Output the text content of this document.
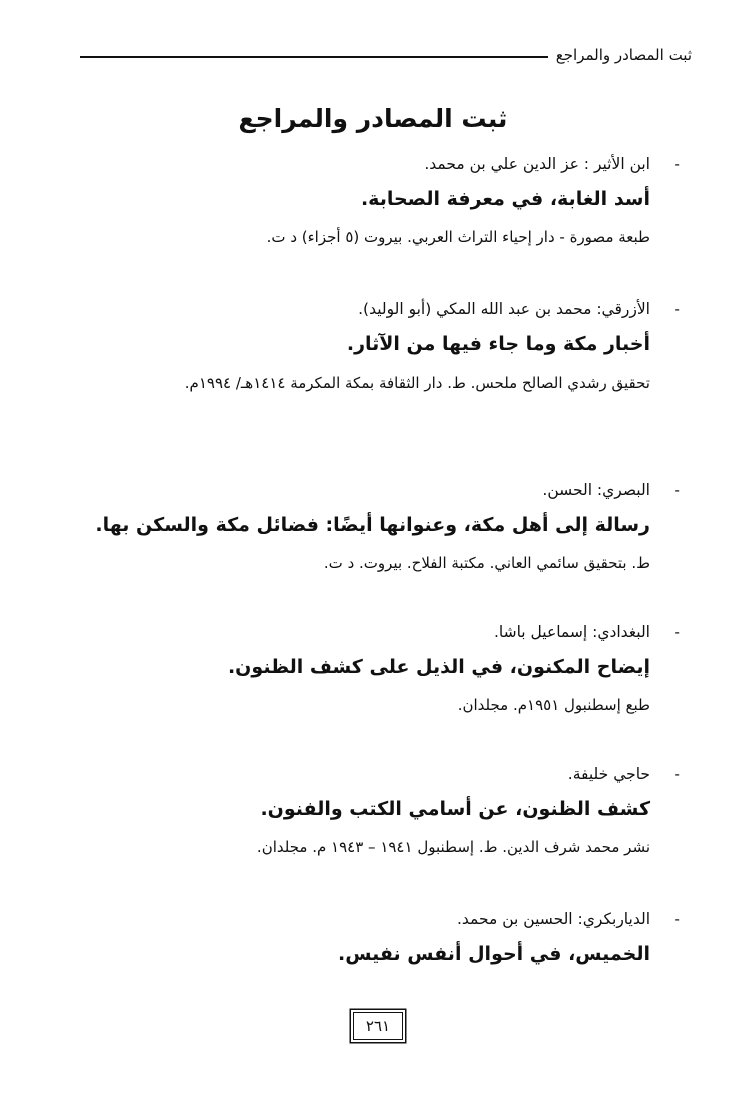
ثبت المصادر والمراجع
ثبت المصادر والمراجع
-
ابن الأثير : عز الدين علي بن محمد.
أسد الغابة، في معرفة الصحابة.
طبعة مصورة - دار إحياء التراث العربي. بيروت (٥ أجزاء) د ت.
-
الأزرقي: محمد بن عبد الله المكي (أبو الوليد).
أخبار مكة وما جاء فيها من الآثار.
تحقيق رشدي الصالح ملحس. ط. دار الثقافة بمكة المكرمة ١٤١٤هـ/ ١٩٩٤م.
-
البصري: الحسن.
رسالة إلى أهل مكة، وعنوانها أيضًا: فضائل مكة والسكن بها.
ط. بتحقيق سائمي العاني. مكتبة الفلاح. بيروت. د ت.
-
البغدادي: إسماعيل باشا.
إيضاح المكنون، في الذيل على كشف الظنون.
طبع إسطنبول ١٩٥١م. مجلدان.
-
حاجي خليفة.
كشف الظنون، عن أسامي الكتب والفنون.
نشر محمد شرف الدين. ط. إسطنبول ١٩٤١ – ١٩٤٣ م. مجلدان.
-
الدياربكري: الحسين بن محمد.
الخميس، في أحوال أنفس نفيس.
٢٦١
